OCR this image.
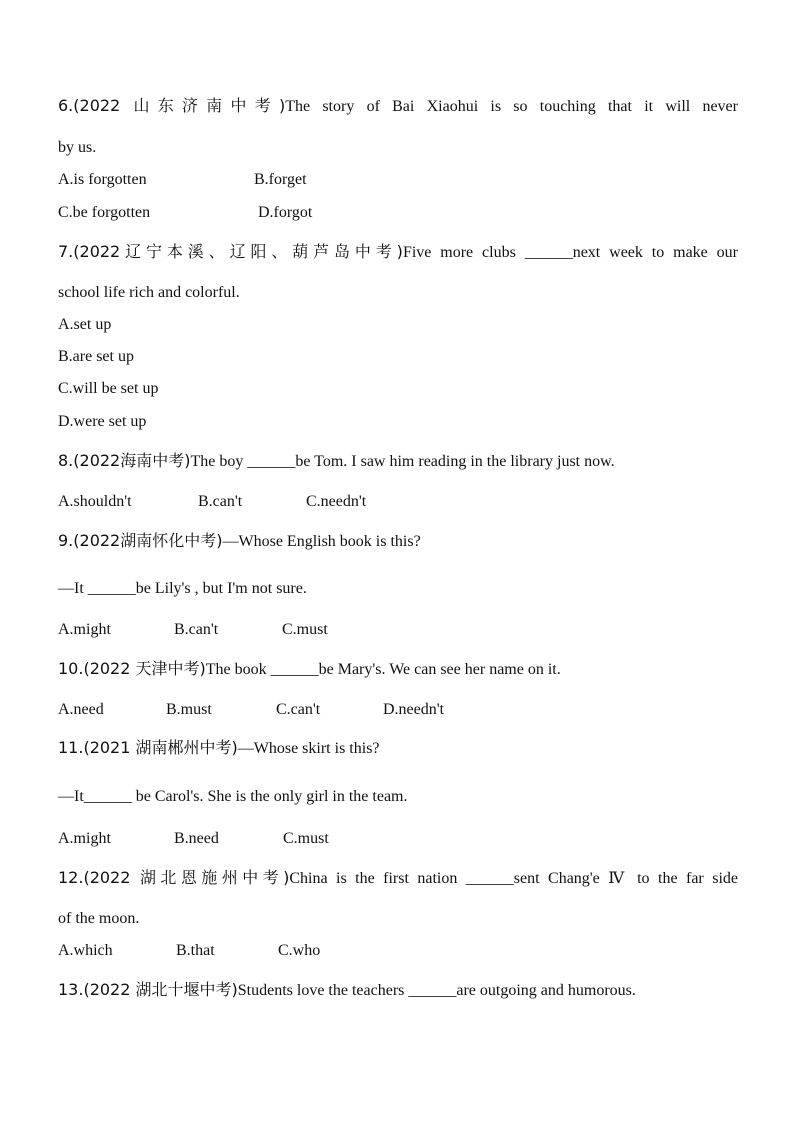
6.(2022 山东济南中考)The story of Bai Xiaohui is so touching that it will never
by us.
A.is forgotten	B.forget
C.be forgotten	D.forgot
7.(2022辽宁本溪、辽阳、葫芦岛中考)Five more clubs ______next week to make our
school life rich and colorful.
A.set up
B.are set up
C.will be set up
D.were set up
8.(2022海南中考)The boy ______be Tom. I saw him reading in the library just now.
A.shouldn't	B.can't	C.needn't
9.(2022湖南怀化中考)—Whose English book is this?
—It ______be Lily's , but I'm not sure.
A.might	B.can't	C.must
10.(2022 天津中考)The book ______be Mary's. We can see her name on it.
A.need	B.must	C.can't	D.needn't
11.(2021 湖南郴州中考)—Whose skirt is this?
—It______ be Carol's. She is the only girl in the team.
A.might	B.need	C.must
12.(2022 湖北恩施州中考)China is the first nation ______sent Chang'e Ⅳ to the far side
of the moon.
A.which	B.that	C.who
13.(2022 湖北十堰中考)Students love the teachers ______are outgoing and humorous.
